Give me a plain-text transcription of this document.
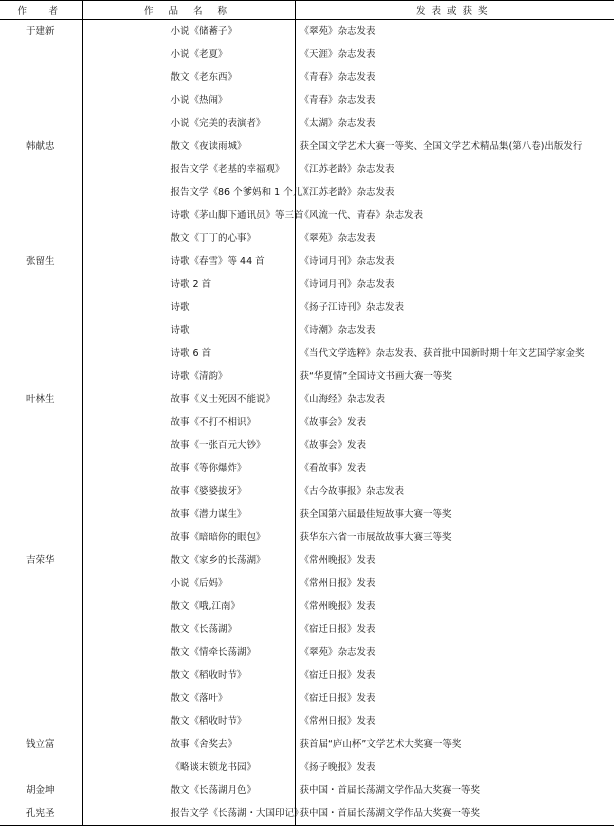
作　者	作 品 名 称	发表或获奖
于建新	小说《储蓄子》	《翠苑》杂志发表
	小说《老夏》	《天涯》杂志发表
	散文《老东西》	《青春》杂志发表
	小说《热闹》	《青春》杂志发表
	小说《完美的表演者》	《太湖》杂志发表
韩献忠	散文《夜读雨城》	获全国文学艺术大赛一等奖、全国文学艺术精品集(第八卷)出版发行
	报告文学《老基的幸福观》	《江苏老龄》杂志发表
	报告文学《86 个爹妈和 1 个儿》	《江苏老龄》杂志发表
	诗歌《茅山脚下通讯员》等三首	《风流一代、青春》杂志发表
	散文《丁丁的心事》	《翠苑》杂志发表
张留生	诗歌《春雪》等 44 首	《诗词月刊》杂志发表
	诗歌 2 首	《诗词月刊》杂志发表
	诗歌	《扬子江诗刊》杂志发表
	诗歌	《诗潮》杂志发表
	诗歌 6 首	《当代文学选粹》杂志发表、获首批中国新时期十年文艺国学家金奖
	诗歌《清韵》	获“华夏情”全国诗文书画大赛一等奖
叶林生	故事《义士死因不能说》	《山海经》杂志发表
	故事《不打不相识》	《故事会》发表
	故事《一张百元大钞》	《故事会》发表
	故事《等你爆炸》	《看故事》发表
	故事《婆婆拔牙》	《古今故事报》杂志发表
	故事《潜力谋生》	获全国第六届最佳短故事大赛一等奖
	故事《暗暗你的眼包》	获华东六省一市展故故事大赛三等奖
吉荣华	散文《家乡的长荡湖》	《常州晚报》发表
	小说《后妈》	《常州日报》发表
	散文《哦,江南》	《常州晚报》发表
	散文《长荡湖》	《宿迁日报》发表
	散文《情牵长荡湖》	《翠苑》杂志发表
	散文《稻收时节》	《宿迁日报》发表
	散文《落叶》	《宿迁日报》发表
	散文《稻收时节》	《常州日报》发表
钱立富	故事《舍奖去》	获首届“庐山杯”文学艺术大奖赛一等奖
	《略谈末锁龙书园》	《扬子晚报》发表
胡金坤	散文《长荡湖月色》	获中国・首届长荡湖文学作品大奖赛一等奖
孔宪圣	报告文学《长荡湖・大国印记》	获中国・首届长荡湖文学作品大奖赛一等奖
